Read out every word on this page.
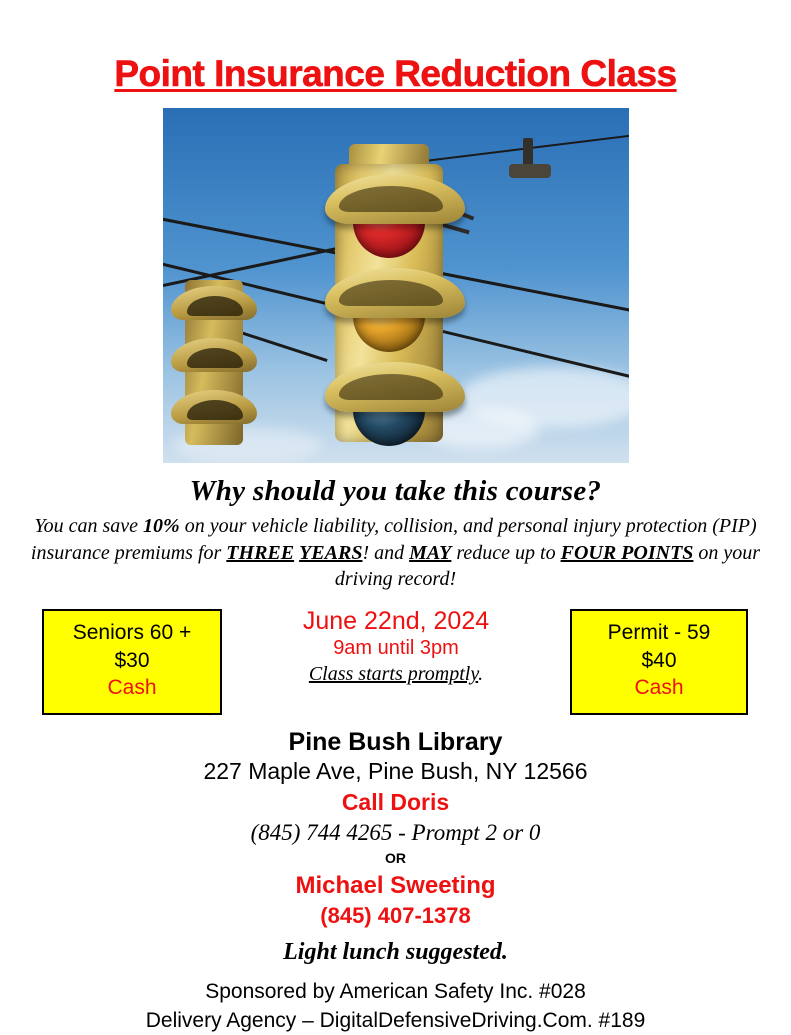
Point Insurance Reduction Class
Why should you take this course?
You can save 10% on your vehicle liability, collision, and personal injury protection (PIP) insurance premiums for THREE YEARS! and MAY reduce up to FOUR POINTS on your driving record!
Seniors 60 +
$30
Cash
June 22nd, 2024
9am until 3pm
Class starts promptly.
Permit - 59
$40
Cash
Pine Bush Library
227 Maple Ave, Pine Bush, NY 12566
Call Doris
(845) 744 4265 - Prompt 2 or 0
OR
Michael Sweeting
(845) 407-1378
Light lunch suggested.
Sponsored by American Safety Inc. #028
Delivery Agency – DigitalDefensiveDriving.Com. #189
